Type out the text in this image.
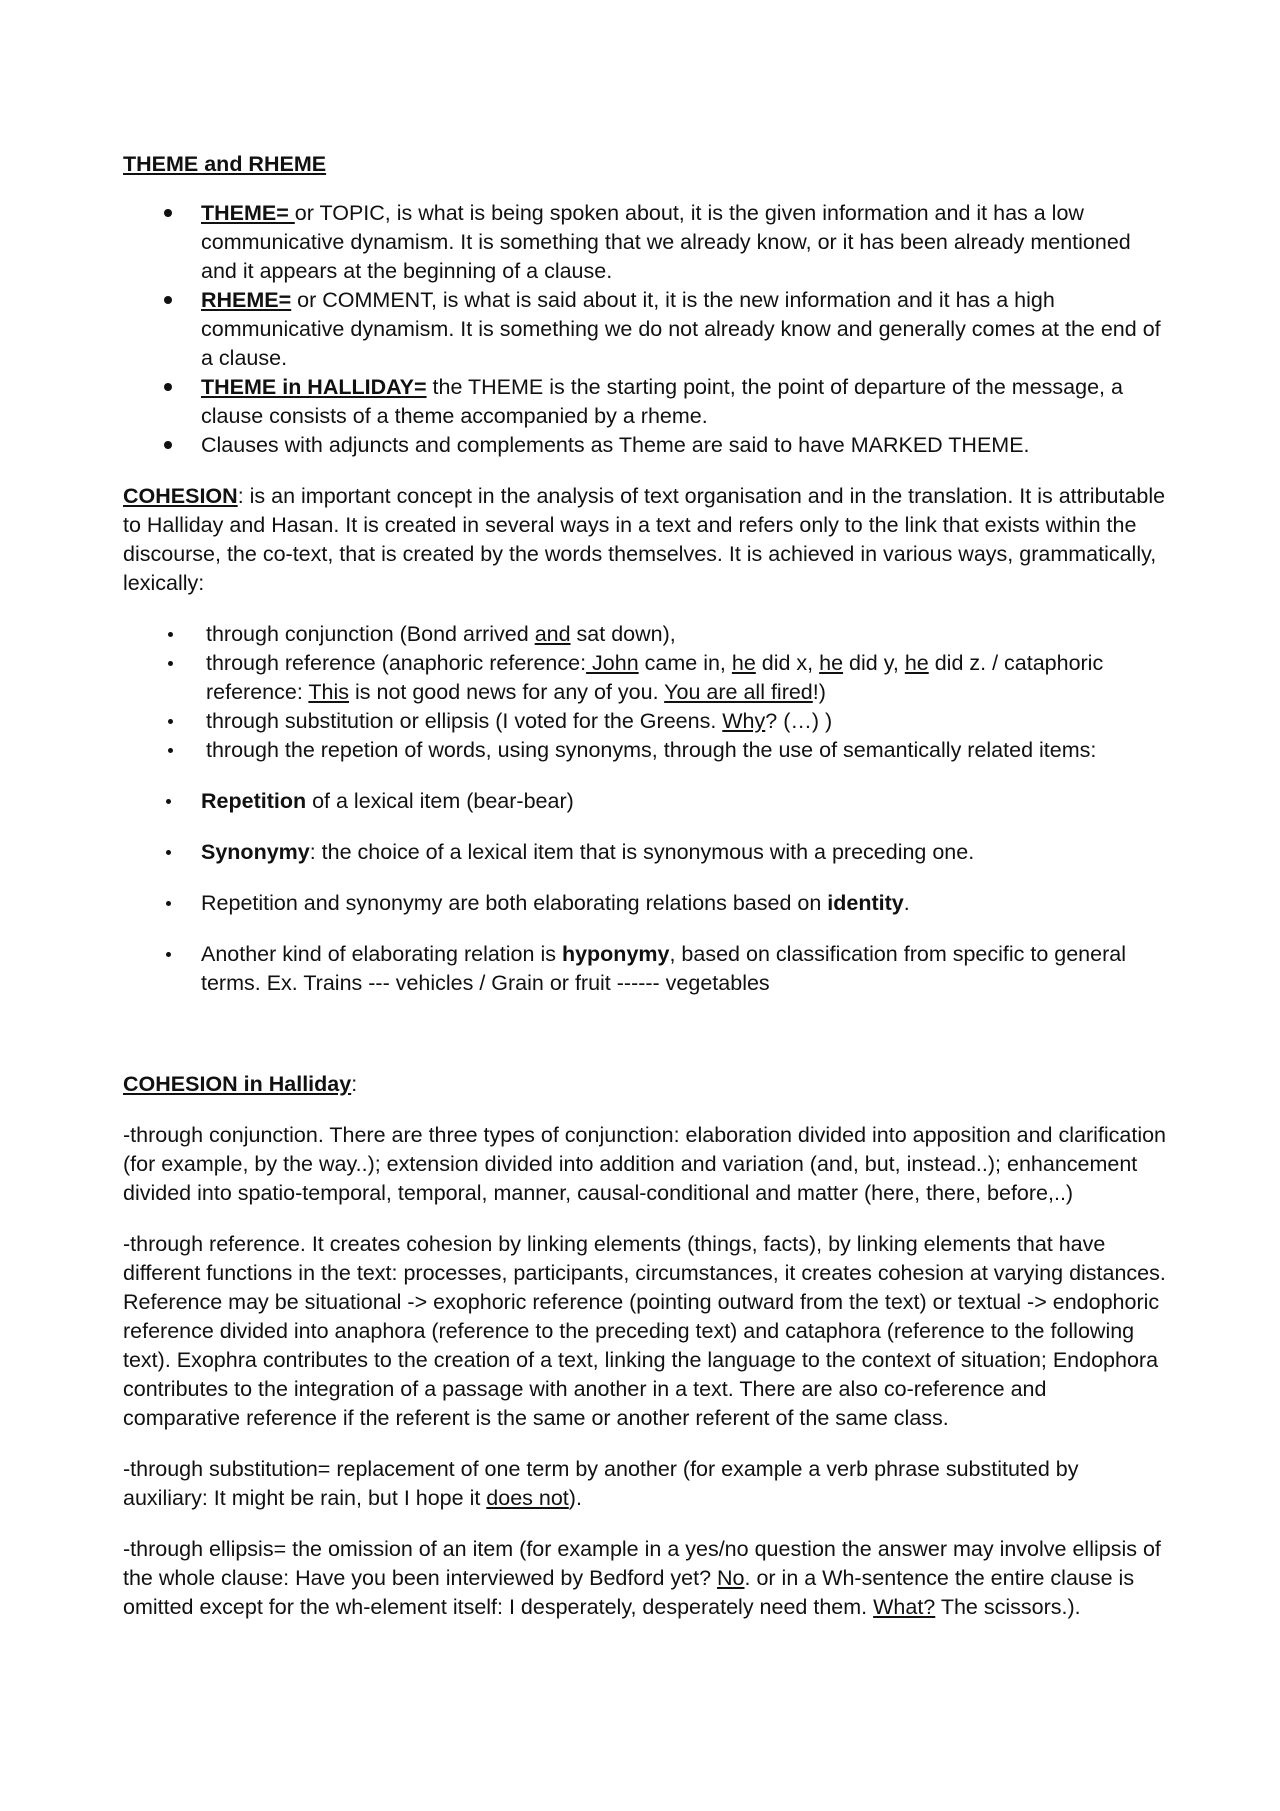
THEME and RHEME
THEME= or TOPIC, is what is being spoken about, it is the given information and it has a low communicative dynamism. It is something that we already know, or it has been already mentioned and it appears at the beginning of a clause.
RHEME= or COMMENT, is what is said about it, it is the new information and it has a high communicative dynamism. It is something we do not already know and generally comes at the end of a clause.
THEME in HALLIDAY= the THEME is the starting point, the point of departure of the message, a clause consists of a theme accompanied by a rheme.
Clauses with adjuncts and complements as Theme are said to have MARKED THEME.

COHESION: is an important concept in the analysis of text organisation and in the translation. It is attributable to Halliday and Hasan. It is created in several ways in a text and refers only to the link that exists within the discourse, the co-text, that is created by the words themselves. It is achieved in various ways, grammatically, lexically:

through conjunction (Bond arrived and sat down),
through reference (anaphoric reference: John came in, he did x, he did y, he did z. / cataphoric reference: This is not good news for any of you. You are all fired!)
through substitution or ellipsis (I voted for the Greens. Why? (…) )
through the repetion of words, using synonyms, through the use of semantically related items:
Repetition of a lexical item (bear-bear)
Synonymy: the choice of a lexical item that is synonymous with a preceding one.
Repetition and synonymy are both elaborating relations based on identity.
Another kind of elaborating relation is hyponymy, based on classification from specific to general terms. Ex. Trains --- vehicles / Grain or fruit ------ vegetables

COHESION in Halliday:

-through conjunction. There are three types of conjunction: elaboration divided into apposition and clarification (for example, by the way..); extension divided into addition and variation (and, but, instead..); enhancement divided into spatio-temporal, temporal, manner, causal-conditional and matter (here, there, before,..)

-through reference. It creates cohesion by linking elements (things, facts), by linking elements that have different functions in the text: processes, participants, circumstances, it creates cohesion at varying distances. Reference may be situational -> exophoric reference (pointing outward from the text) or textual -> endophoric reference divided into anaphora (reference to the preceding text) and cataphora (reference to the following text). Exophra contributes to the creation of a text, linking the language to the context of situation; Endophora contributes to the integration of a passage with another in a text. There are also co-reference and comparative reference if the referent is the same or another referent of the same class.

-through substitution= replacement of one term by another (for example a verb phrase substituted by auxiliary: It might be rain, but I hope it does not).

-through ellipsis= the omission of an item (for example in a yes/no question the answer may involve ellipsis of the whole clause: Have you been interviewed by Bedford yet? No. or in a Wh-sentence the entire clause is omitted except for the wh-element itself: I desperately, desperately need them. What? The scissors.).
